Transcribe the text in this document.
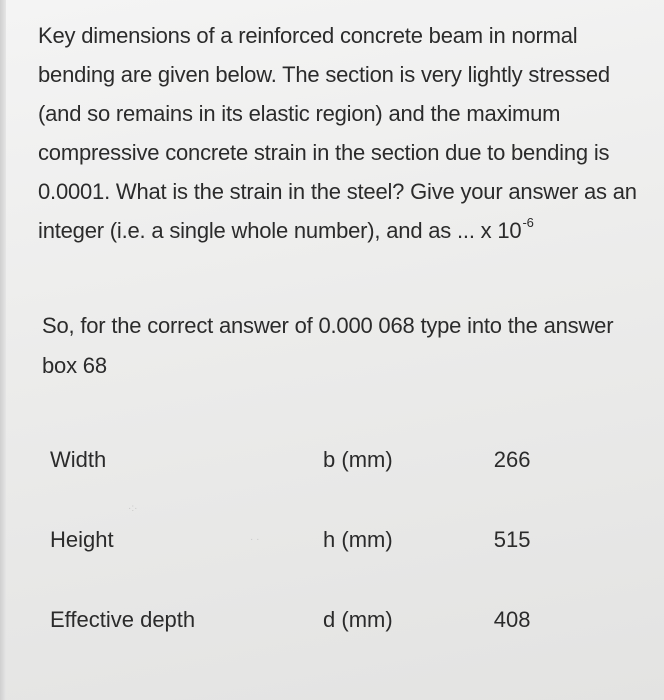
Key dimensions of a reinforced concrete beam in normal bending are given below. The section is very lightly stressed (and so remains in its elastic region) and the maximum compressive concrete strain in the section due to bending is 0.0001. What is the strain in the steel? Give your answer as an integer (i.e. a single whole number), and as ... x $10^{-6}$

So, for the correct answer of 0.000 068 type into the answer box 68

Width	b (mm)	266
Height	h (mm)	515
Effective depth	d (mm)	408
·:·
· ·
